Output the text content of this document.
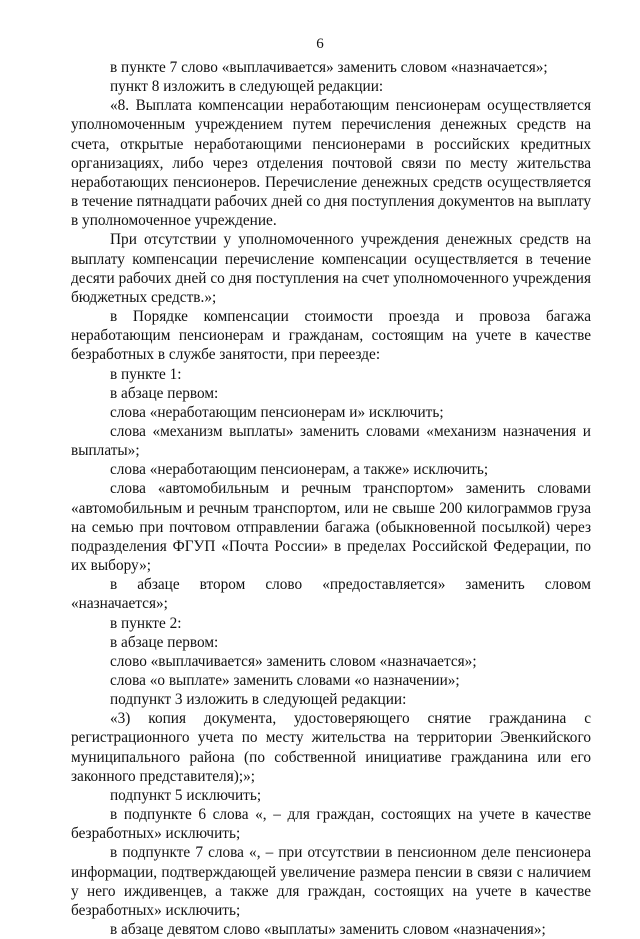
6

в пункте 7 слово «выплачивается» заменить словом «назначается»;

пункт 8 изложить в следующей редакции:

«8. Выплата компенсации неработающим пенсионерам осуществляется уполномоченным учреждением путем перечисления денежных средств на счета, открытые неработающими пенсионерами в российских кредитных организациях, либо через отделения почтовой связи по месту жительства неработающих пенсионеров. Перечисление денежных средств осуществляется в течение пятнадцати рабочих дней со дня поступления документов на выплату в уполномоченное учреждение.

При отсутствии у уполномоченного учреждения денежных средств на выплату компенсации перечисление компенсации осуществляется в течение десяти рабочих дней со дня поступления на счет уполномоченного учреждения бюджетных средств.»;

в Порядке компенсации стоимости проезда и провоза багажа неработающим пенсионерам и гражданам, состоящим на учете в качестве безработных в службе занятости, при переезде:

в пункте 1:

в абзаце первом:

слова «неработающим пенсионерам и» исключить;

слова «механизм выплаты» заменить словами «механизм назначения и выплаты»;

слова «неработающим пенсионерам, а также» исключить;

слова «автомобильным и речным транспортом» заменить словами «автомобильным и речным транспортом, или не свыше 200 килограммов груза на семью при почтовом отправлении багажа (обыкновенной посылкой) через подразделения ФГУП «Почта России» в пределах Российской Федерации, по их выбору»;

в абзаце втором слово «предоставляется» заменить словом «назначается»;

в пункте 2:

в абзаце первом:

слово «выплачивается» заменить словом «назначается»;

слова «о выплате» заменить словами «о назначении»;

подпункт 3 изложить в следующей редакции:

«3) копия документа, удостоверяющего снятие гражданина с регистрационного учета по месту жительства на территории Эвенкийского муниципального района (по собственной инициативе гражданина или его законного представителя);»;

подпункт 5 исключить;

в подпункте 6 слова «, – для граждан, состоящих на учете в качестве безработных» исключить;

в подпункте 7 слова «, – при отсутствии в пенсионном деле пенсионера информации, подтверждающей увеличение размера пенсии в связи с наличием у него иждивенцев, а также для граждан, состоящих на учете в качестве безработных» исключить;

в абзаце девятом слово «выплаты» заменить словом «назначения»;
